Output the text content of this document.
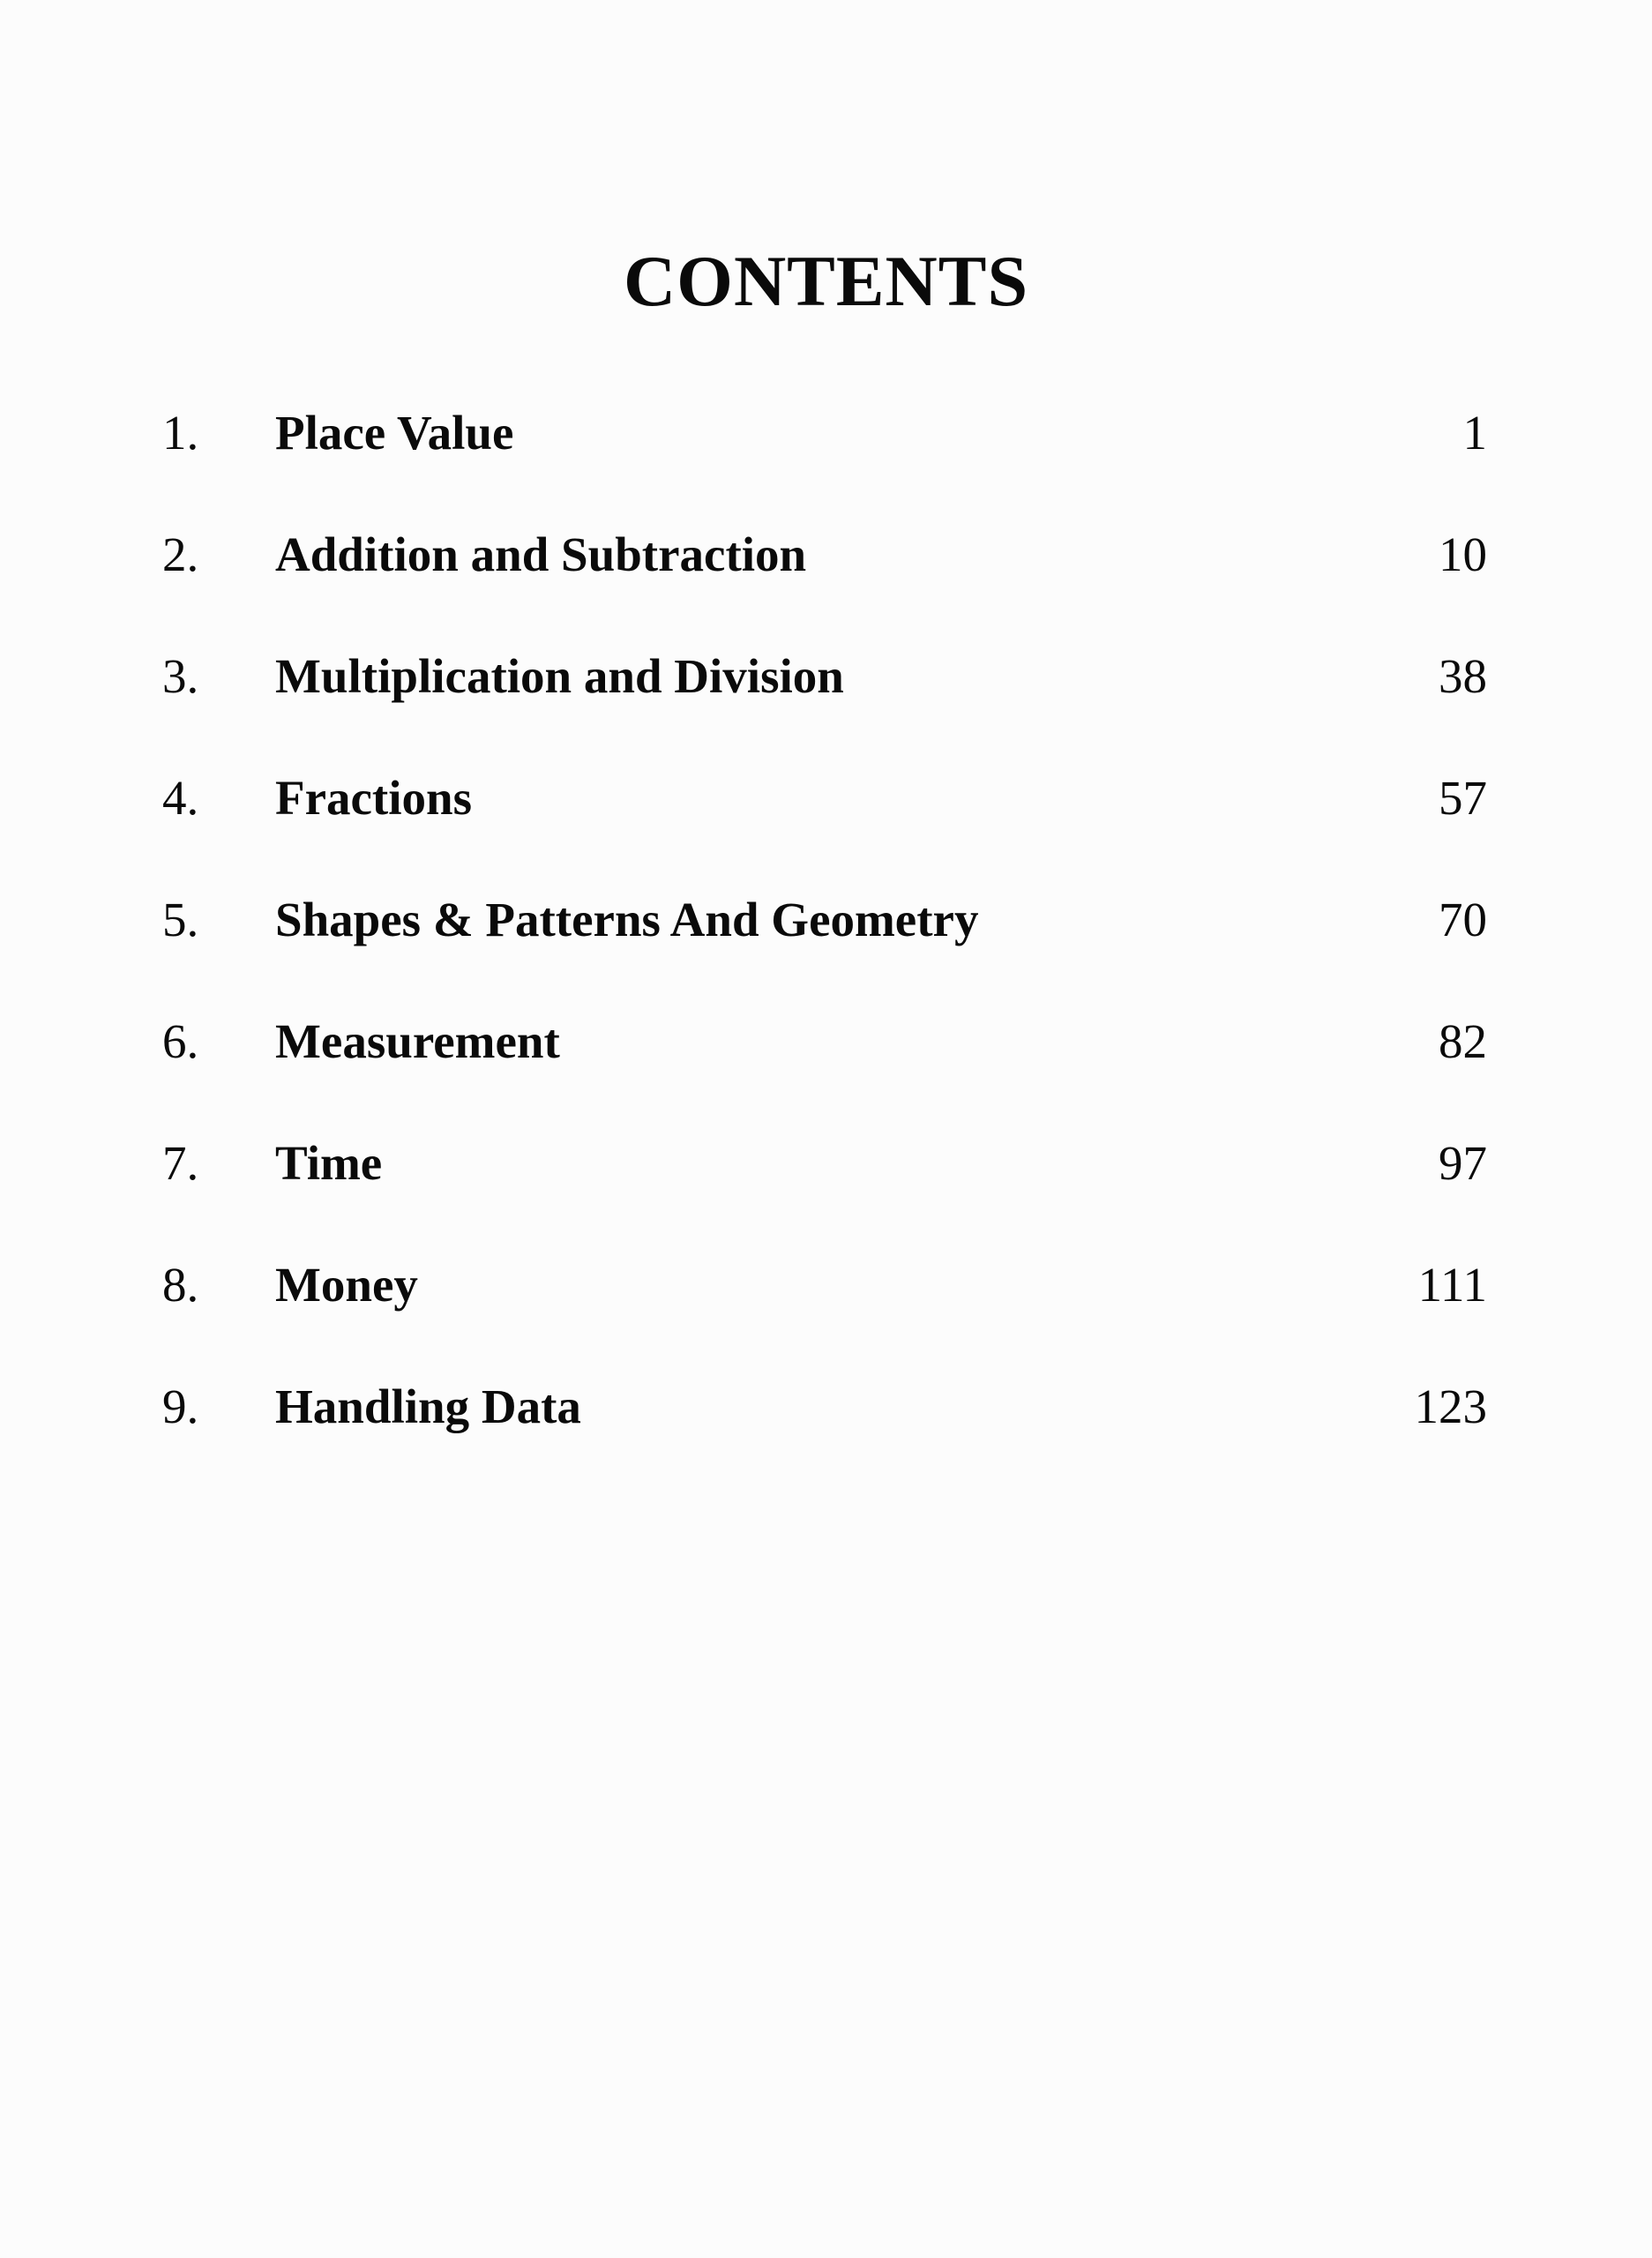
CONTENTS
1.	Place Value	1
2.	Addition and Subtraction	10
3.	Multiplication and Division	38
4.	Fractions	57
5.	Shapes & Patterns And Geometry	70
6.	Measurement	82
7.	Time	97
8.	Money	111
9.	Handling Data	123
